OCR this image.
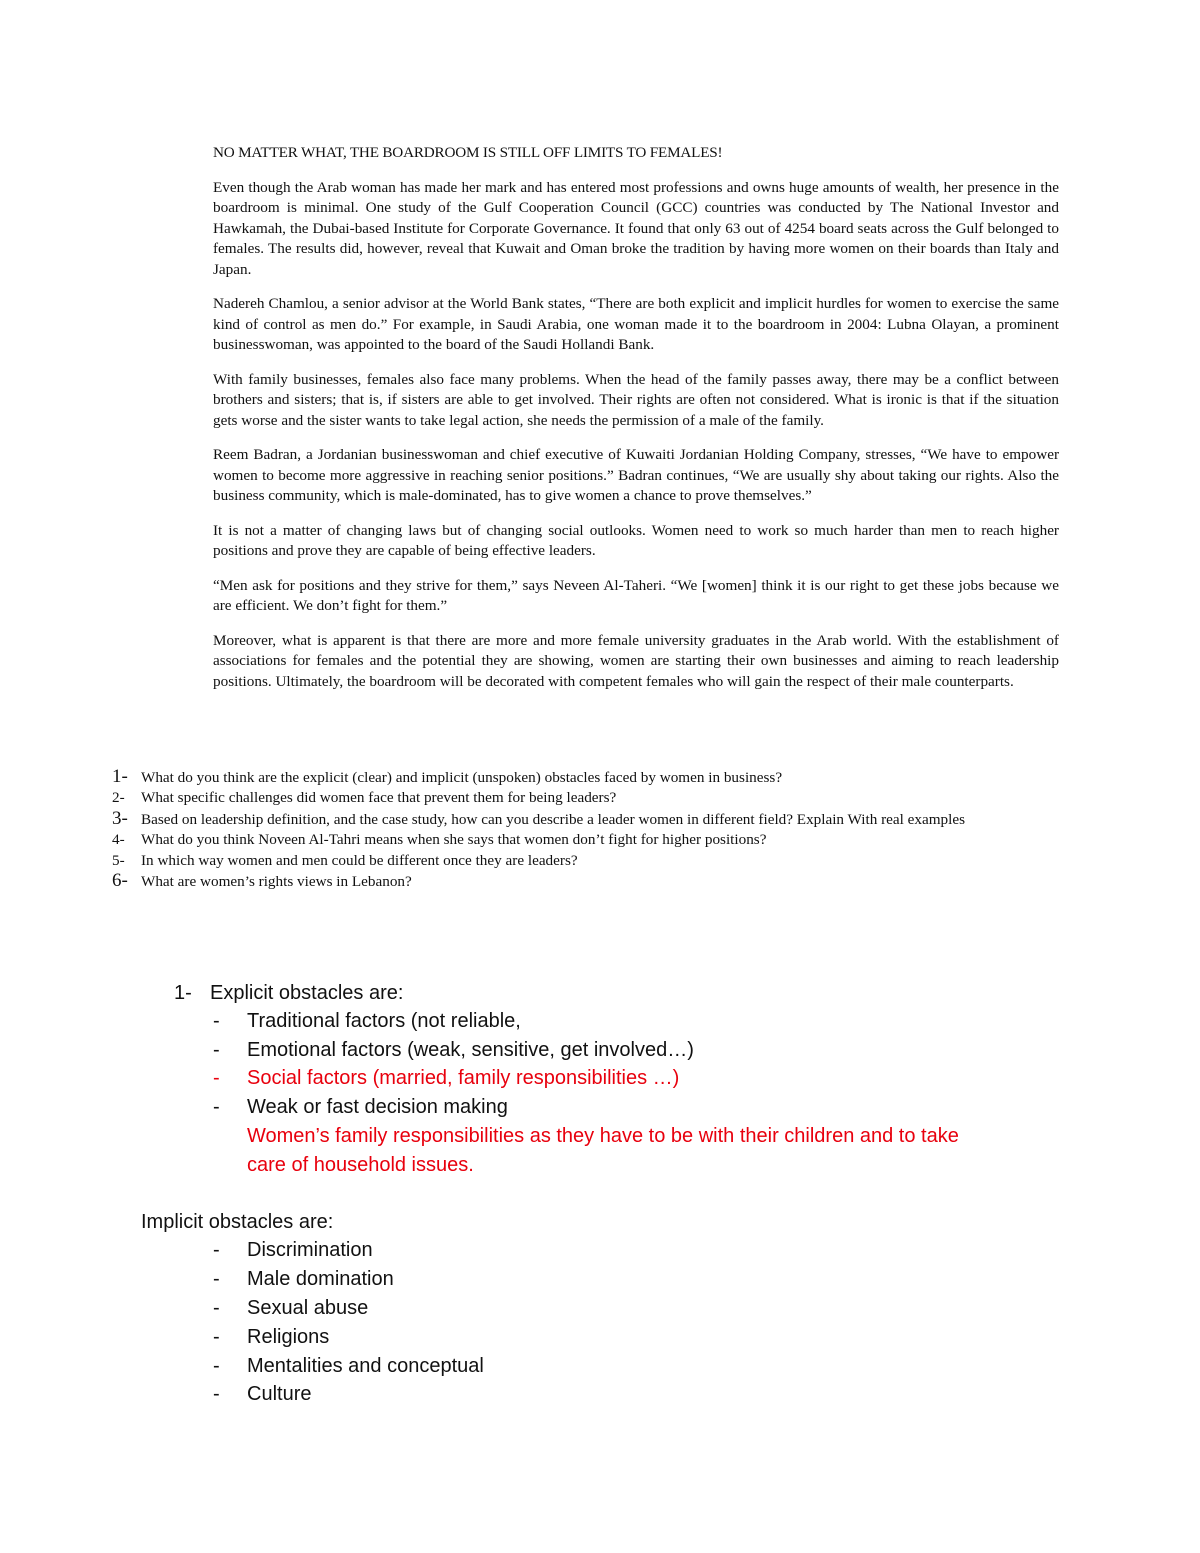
NO MATTER WHAT, THE BOARDROOM IS STILL OFF LIMITS TO FEMALES!

Even though the Arab woman has made her mark and has entered most professions and owns huge amounts of wealth, her presence in the boardroom is minimal. One study of the Gulf Cooperation Council (GCC) countries was conducted by The National Investor and Hawkamah, the Dubai-based Institute for Corporate Governance. It found that only 63 out of 4254 board seats across the Gulf belonged to females. The results did, however, reveal that Kuwait and Oman broke the tradition by having more women on their boards than Italy and Japan.

Nadereh Chamlou, a senior advisor at the World Bank states, “There are both explicit and implicit hurdles for women to exercise the same kind of control as men do.” For example, in Saudi Arabia, one woman made it to the boardroom in 2004: Lubna Olayan, a prominent businesswoman, was appointed to the board of the Saudi Hollandi Bank.

With family businesses, females also face many problems. When the head of the family passes away, there may be a conflict between brothers and sisters; that is, if sisters are able to get involved. Their rights are often not considered. What is ironic is that if the situation gets worse and the sister wants to take legal action, she needs the permission of a male of the family.

Reem Badran, a Jordanian businesswoman and chief executive of Kuwaiti Jordanian Holding Company, stresses, “We have to empower women to become more aggressive in reaching senior positions.” Badran continues, “We are usually shy about taking our rights. Also the business community, which is male-dominated, has to give women a chance to prove themselves.”

It is not a matter of changing laws but of changing social outlooks. Women need to work so much harder than men to reach higher positions and prove they are capable of being effective leaders.

“Men ask for positions and they strive for them,” says Neveen Al-Taheri. “We [women] think it is our right to get these jobs because we are efficient. We don’t fight for them.”

Moreover, what is apparent is that there are more and more female university graduates in the Arab world. With the establishment of associations for females and the potential they are showing, women are starting their own businesses and aiming to reach leadership positions. Ultimately, the boardroom will be decorated with competent females who will gain the respect of their male counterparts.

1- What do you think are the explicit (clear) and implicit (unspoken) obstacles faced by women in business?
2-	What specific challenges did women face that prevent them for being leaders?
3- Based on leadership definition, and the case study, how can you describe a leader women in different field? Explain With real examples
4-	What do you think Noveen Al-Tahri means when she says that women don’t fight for higher positions?
5-	In which way women and men could be different once they are leaders?
6- What are women’s rights views in Lebanon?
1- Explicit obstacles are:
- Traditional factors (not reliable,
- Emotional factors (weak, sensitive, get involved…)
- Social factors (married, family responsibilities …)
- Weak or fast decision making
Women’s family responsibilities as they have to be with their children and to take
care of household issues.
Implicit obstacles are:
- Discrimination
- Male domination
- Sexual abuse
- Religions
- Mentalities and conceptual
- Culture
